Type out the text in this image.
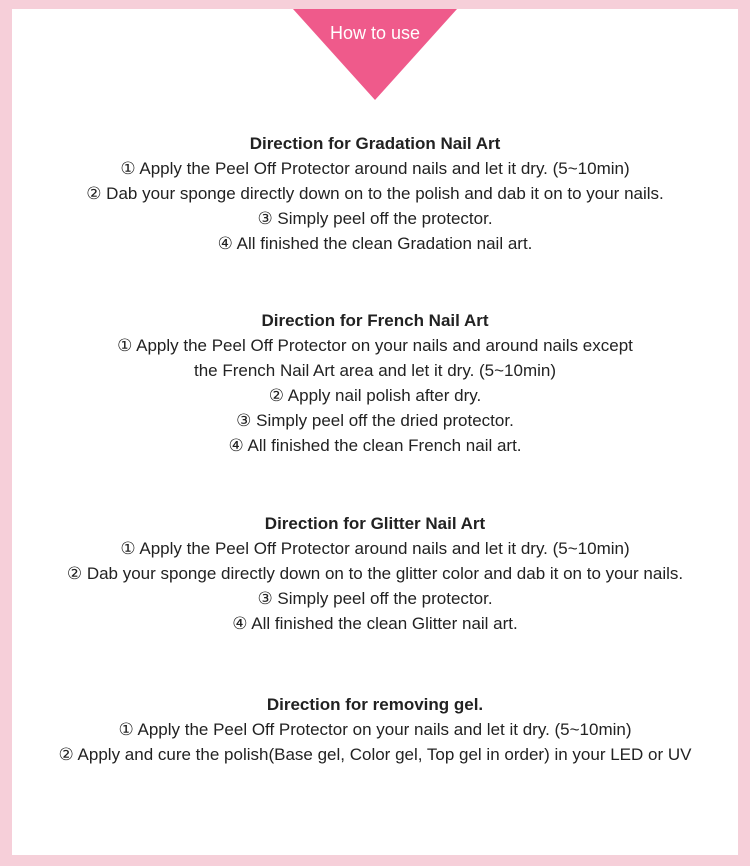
How to use
Direction for Gradation Nail Art
① Apply the Peel Off Protector around nails and let it dry. (5~10min)
② Dab your sponge directly down on to the polish and dab it on to your nails.
③ Simply peel off the protector.
④ All finished the clean Gradation nail art.
Direction for French Nail Art
① Apply the Peel Off Protector on your nails and around nails except
the French Nail Art area and let it dry. (5~10min)
② Apply nail polish after dry.
③ Simply peel off the dried protector.
④ All finished the clean French nail art.
Direction for Glitter Nail Art
① Apply the Peel Off Protector around nails and let it dry. (5~10min)
② Dab your sponge directly down on to the glitter color and dab it on to your nails.
③ Simply peel off the protector.
④ All finished the clean Glitter nail art.
Direction for removing gel.
① Apply the Peel Off Protector on your nails and let it dry. (5~10min)
② Apply and cure the polish(Base gel, Color gel, Top gel in order) in your LED or UV
